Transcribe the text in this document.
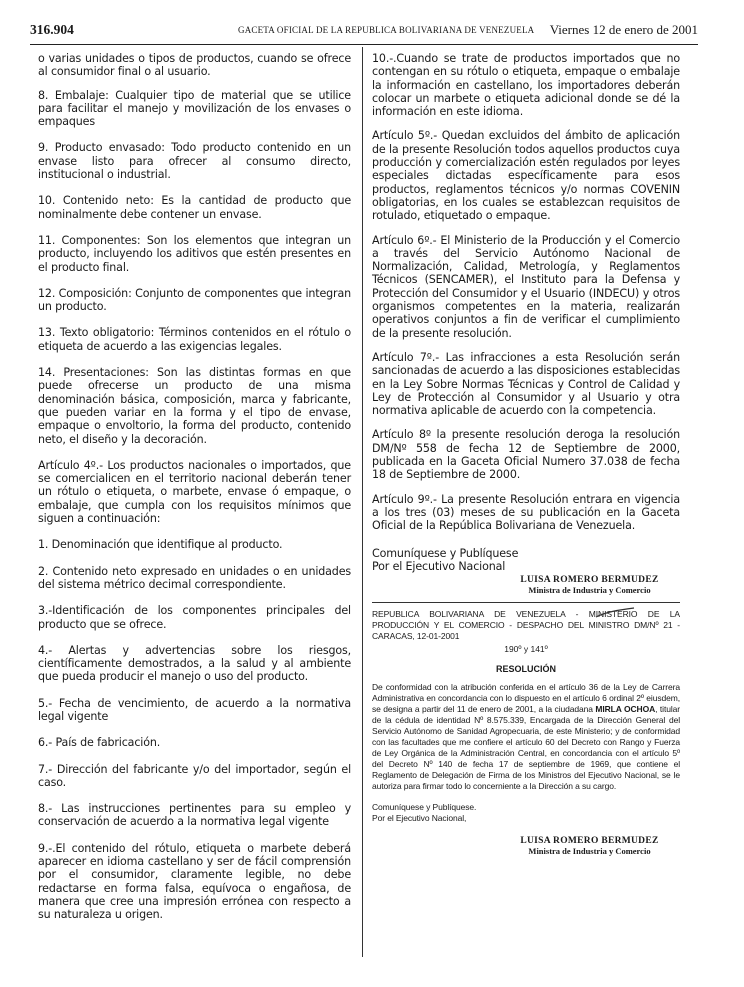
316.904	GACETA OFICIAL DE LA REPUBLICA BOLIVARIANA DE VENEZUELA Viernes 12 de enero de 2001

o varias unidades o tipos de productos, cuando se ofrece al consumidor final o al usuario.

8. Embalaje: Cualquier tipo de material que se utilice para facilitar el manejo y movilización de los envases o empaques

9. Producto envasado: Todo producto contenido en un envase listo para ofrecer al consumo directo, institucional o industrial.

10. Contenido neto: Es la cantidad de producto que nominalmente debe contener un envase.

11. Componentes: Son los elementos que integran un producto, incluyendo los aditivos que estén presentes en el producto final.

12. Composición: Conjunto de componentes que integran un producto.

13. Texto obligatorio: Términos contenidos en el rótulo o etiqueta de acuerdo a las exigencias legales.

14. Presentaciones: Son las distintas formas en que puede ofrecerse un producto de una misma denominación básica, composición, marca y fabricante, que pueden variar en la forma y el tipo de envase, empaque o envoltorio, la forma del producto, contenido neto, el diseño y la decoración.

Artículo 4º.- Los productos nacionales o importados, que se comercialicen en el territorio nacional deberán tener un rótulo o etiqueta, o marbete, envase ó empaque, o embalaje, que cumpla con los requisitos mínimos que siguen a continuación:

1. Denominación que identifique al producto.

2. Contenido neto expresado en unidades o en unidades del sistema métrico decimal correspondiente.

3.-Identificación de los componentes principales del producto que se ofrece.

4.- Alertas y advertencias sobre los riesgos, científicamente demostrados, a la salud y al ambiente que pueda producir el manejo o uso del producto.

5.- Fecha de vencimiento, de acuerdo a la normativa legal vigente

6.- País de fabricación.

7.- Dirección del fabricante y/o del importador, según el caso.

8.- Las instrucciones pertinentes para su empleo y conservación de acuerdo a la normativa legal vigente

9.-.El contenido del rótulo, etiqueta o marbete deberá aparecer en idioma castellano y ser de fácil comprensión por el consumidor, claramente legible, no debe redactarse en forma falsa, equívoca o engañosa, de manera que cree una impresión errónea con respecto a su naturaleza u origen.

10.-.Cuando se trate de productos importados que no contengan en su rótulo o etiqueta, empaque o embalaje la información en castellano, los importadores deberán colocar un marbete o etiqueta adicional donde se dé la información en este idioma.

Artículo 5º.- Quedan excluidos del ámbito de aplicación de la presente Resolución todos aquellos productos cuya producción y comercialización estén regulados por leyes especiales dictadas específicamente para esos productos, reglamentos técnicos y/o normas COVENIN obligatorias, en los cuales se establezcan requisitos de rotulado, etiquetado o empaque.

Artículo 6º.- El Ministerio de la Producción y el Comercio a través del Servicio Autónomo Nacional de Normalización, Calidad, Metrología, y Reglamentos Técnicos (SENCAMER), el Instituto para la Defensa y Protección del Consumidor y el Usuario (INDECU) y otros organismos competentes en la materia, realizarán operativos conjuntos a fin de verificar el cumplimiento de la presente resolución.

Artículo 7º.- Las infracciones a esta Resolución serán sancionadas de acuerdo a las disposiciones establecidas en la Ley Sobre Normas Técnicas y Control de Calidad y Ley de Protección al Consumidor y al Usuario y otra normativa aplicable de acuerdo con la competencia.

Artículo 8º la presente resolución deroga la resolución DM/Nº 558 de fecha 12 de Septiembre de 2000, publicada en la Gaceta Oficial Numero 37.038 de fecha 18 de Septiembre de 2000.

Artículo 9º.- La presente Resolución entrara en vigencia a los tres (03) meses de su publicación en la Gaceta Oficial de la República Bolivariana de Venezuela.

Comuníquese y Publíquese

Por el Ejecutivo Nacional

LUISA ROMERO BERMUDEZ

Ministra de Industria y Comercio

REPUBLICA BOLIVARIANA DE VENEZUELA - MINISTERIO DE LA PRODUCCIÓN Y EL COMERCIO - DESPACHO DEL MINISTRO DM/Nº 21 - CARACAS, 12-01-2001

190º y 141º

RESOLUCIÓN

De conformidad con la atribución conferida en el artículo 36 de la Ley de Carrera Administrativa en concordancia con lo dispuesto en el artículo 6 ordinal 2º eiusdem, se designa a partir del 11 de enero de 2001, a la ciudadana MIRLA OCHOA, titular de la cédula de identidad Nº 8.575.339, Encargada de la Dirección General del Servicio Autónomo de Sanidad Agropecuaria, de este Ministerio; y de conformidad con las facultades que me confiere el artículo 60 del Decreto con Rango y Fuerza de Ley Orgánica de la Administración Central, en concordancia con el artículo 5º del Decreto Nº 140 de fecha 17 de septiembre de 1969, que contiene el Reglamento de Delegación de Firma de los Ministros del Ejecutivo Nacional, se le autoriza para firmar todo lo concerniente a la Dirección a su cargo.

Comuníquese y Publíquese.

Por el Ejecutivo Nacional,

LUISA ROMERO BERMUDEZ

Ministra de Industria y Comercio
